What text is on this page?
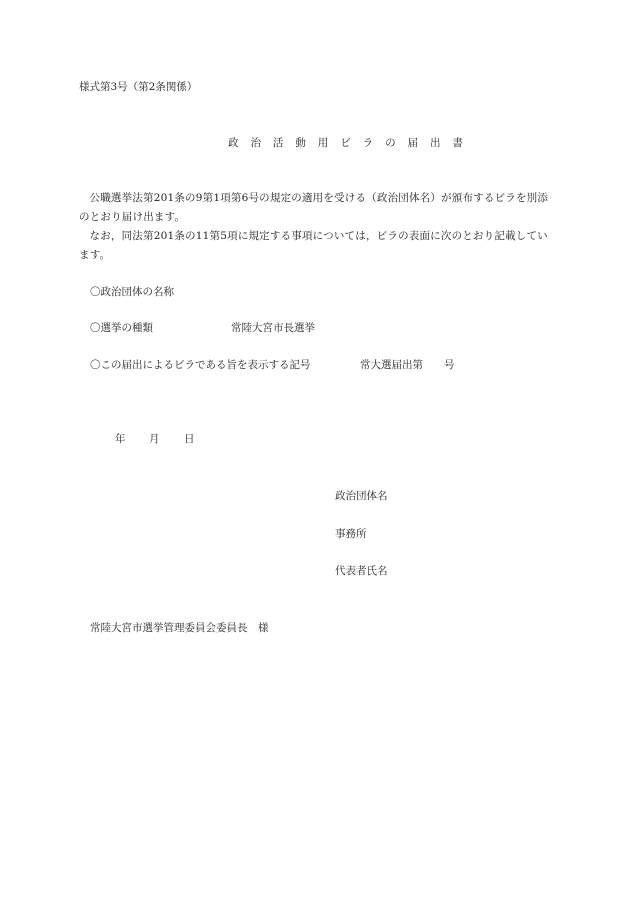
様式第3号（第2条関係）
政 治 活 動 用 ビ ラ の 届 出 書
公職選挙法第201条の9第1項第6号の規定の適用を受ける（政治団体名）が頒布するビラを別添のとおり届け出ます。
なお，同法第201条の11第5項に規定する事項については，ビラの表面に次のとおり記載しています。
〇政治団体の名称
〇選挙の種類	常陸大宮市長選挙
〇この届出によるビラである旨を表示する記号	常大選届出第　　号
年 月 日
政治団体名
事務所
代表者氏名
常陸大宮市選挙管理委員会委員長　様
